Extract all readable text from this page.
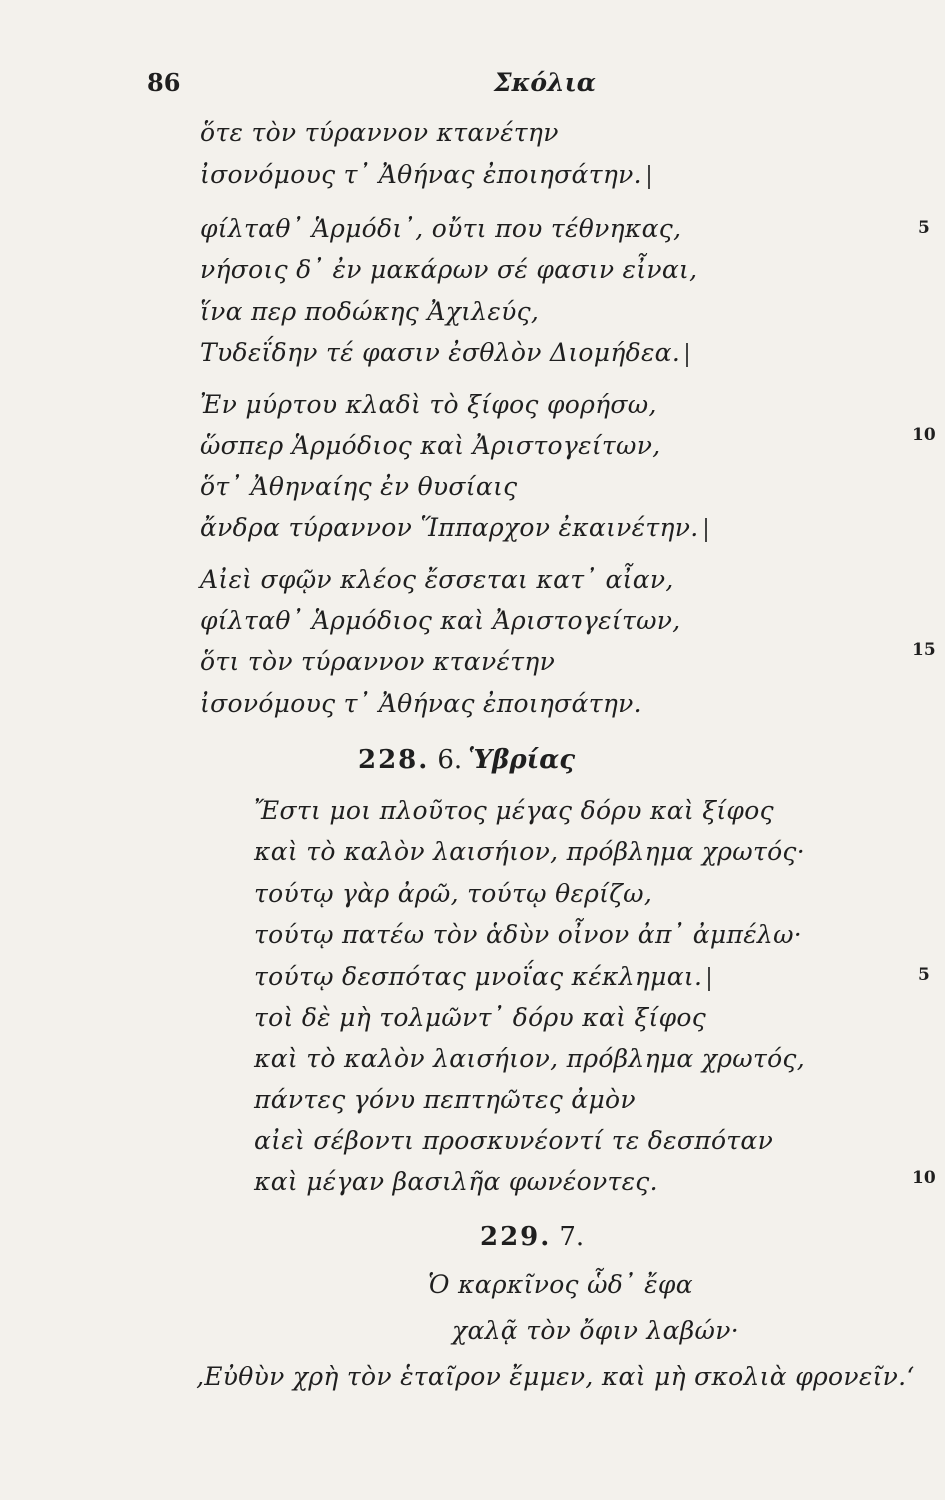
86	Σκόλια
ὅτε τὸν τύραννον κτανέτην
ἰσονόμους τ᾽ Ἀθήνας ἐποιησάτην.
φίλταθ᾽ Ἁρμόδι᾽, οὔτι που τέθνηκας,
νήσοις δ᾽ ἐν μακάρων σέ φασιν εἶναι,
ἵνα περ ποδώκης Ἀχιλεύς,
Τυδεΐδην τέ φασιν ἐσθλὸν Διομήδεα.
Ἐν μύρτου κλαδὶ τὸ ξίφος φορήσω,
ὥσπερ Ἁρμόδιος καὶ Ἀριστογείτων,
ὅτ᾽ Ἀθηναίης ἐν θυσίαις
ἄνδρα τύραννον Ἵππαρχον ἐκαινέτην.
Αἰεὶ σφῷν κλέος ἔσσεται κατ᾽ αἶαν,
φίλταθ᾽ Ἁρμόδιος καὶ Ἀριστογείτων,
ὅτι τὸν τύραννον κτανέτην
ἰσονόμους τ᾽ Ἀθήνας ἐποιησάτην.
5
10
15
228. 6. Ὑβρίας
Ἔστι μοι πλοῦτος μέγας δόρυ καὶ ξίφος
καὶ τὸ καλὸν λαισήιον, πρόβλημα χρωτός·
τούτῳ γὰρ ἀρῶ, τούτῳ θερίζω,
τούτῳ πατέω τὸν ἁδὺν οἶνον ἀπ᾽ ἀμπέλω·
τούτῳ δεσπότας μνοΐας κέκλημαι.
τοὶ δὲ μὴ τολμῶντ᾽ δόρυ καὶ ξίφος
καὶ τὸ καλὸν λαισήιον, πρόβλημα χρωτός,
πάντες γόνυ πεπτηῶτες ἀμὸν
αἰεὶ σέβοντι προσκυνέοντί τε δεσπόταν
καὶ μέγαν βασιλῆα φωνέοντες.
5
10
229. 7.
Ὁ καρκῖνος ὧδ᾽ ἔφα
χαλᾷ τὸν ὄφιν λαβών·
‚Εὐθὺν χρὴ τὸν ἑταῖρον ἔμμεν, καὶ μὴ σκολιὰ φρονεῖν.‘
